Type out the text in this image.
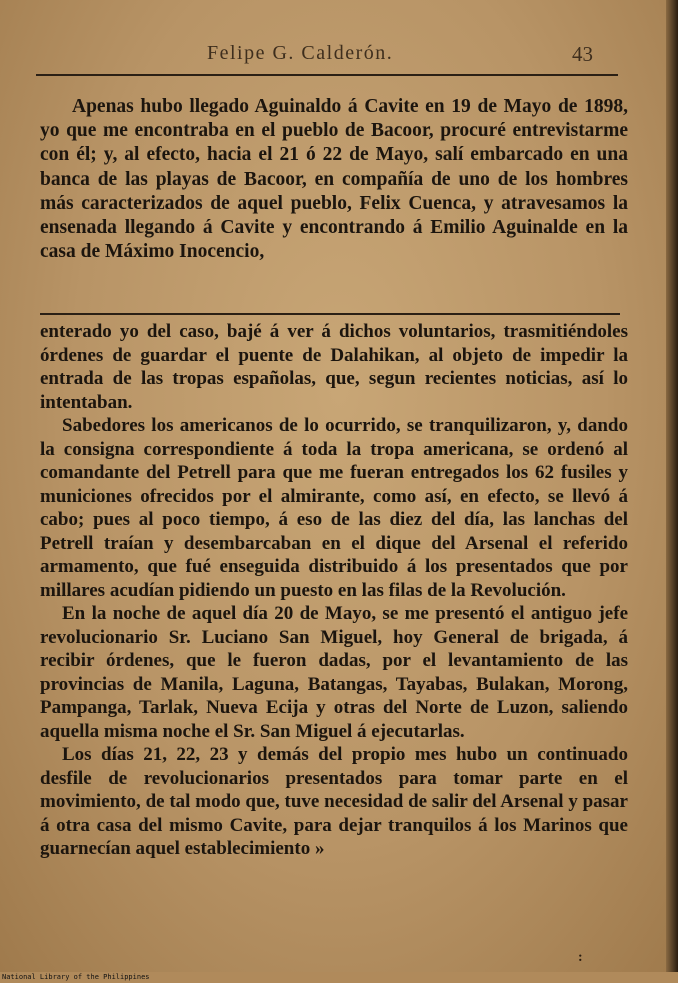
Felipe G. Calderón.	43

Apenas hubo llegado Aguinaldo á Cavite en 19 de Mayo de 1898, yo que me encontraba en el pueblo de Bacoor, procuré entrevistarme con él; y, al efecto, hacia el 21 ó 22 de Mayo, salí embarcado en una banca de las playas de Bacoor, en compañía de uno de los hombres más caracterizados de aquel pueblo, Felix Cuenca, y atravesamos la ensenada llegando á Cavite y encontrando á Emilio Aguinalde en la casa de Máximo Inocencio,

enterado yo del caso, bajé á ver á dichos voluntarios, trasmitiéndoles órdenes de guardar el puente de Dalahikan, al objeto de impedir la entrada de las tropas españolas, que, segun recientes noticias, así lo intentaban.

Sabedores los americanos de lo ocurrido, se tranquilizaron, y, dando la consigna correspondiente á toda la tropa americana, se ordenó al comandante del Petrell para que me fueran entregados los 62 fusiles y municiones ofrecidos por el almirante, como así, en efecto, se llevó á cabo; pues al poco tiempo, á eso de las diez del día, las lanchas del Petrell traían y desembarcaban en el dique del Arsenal el referido armamento, que fué enseguida distribuido á los presentados que por millares acudían pidiendo un puesto en las filas de la Revolución.

En la noche de aquel día 20 de Mayo, se me presentó el antiguo jefe revolucionario Sr. Luciano San Miguel, hoy General de brigada, á recibir órdenes, que le fueron dadas, por el levantamiento de las provincias de Manila, Laguna, Batangas, Tayabas, Bulakan, Morong, Pampanga, Tarlak, Nueva Ecija y otras del Norte de Luzon, saliendo aquella misma noche el Sr. San Miguel á ejecutarlas.

Los días 21, 22, 23 y demás del propio mes hubo un continuado desfile de revolucionarios presentados para tomar parte en el movimiento, de tal modo que, tuve necesidad de salir del Arsenal y pasar á otra casa del mismo Cavite, para dejar tranquilos á los Marinos que guarnecían aquel establecimiento »

:
National Library of the Philippines
